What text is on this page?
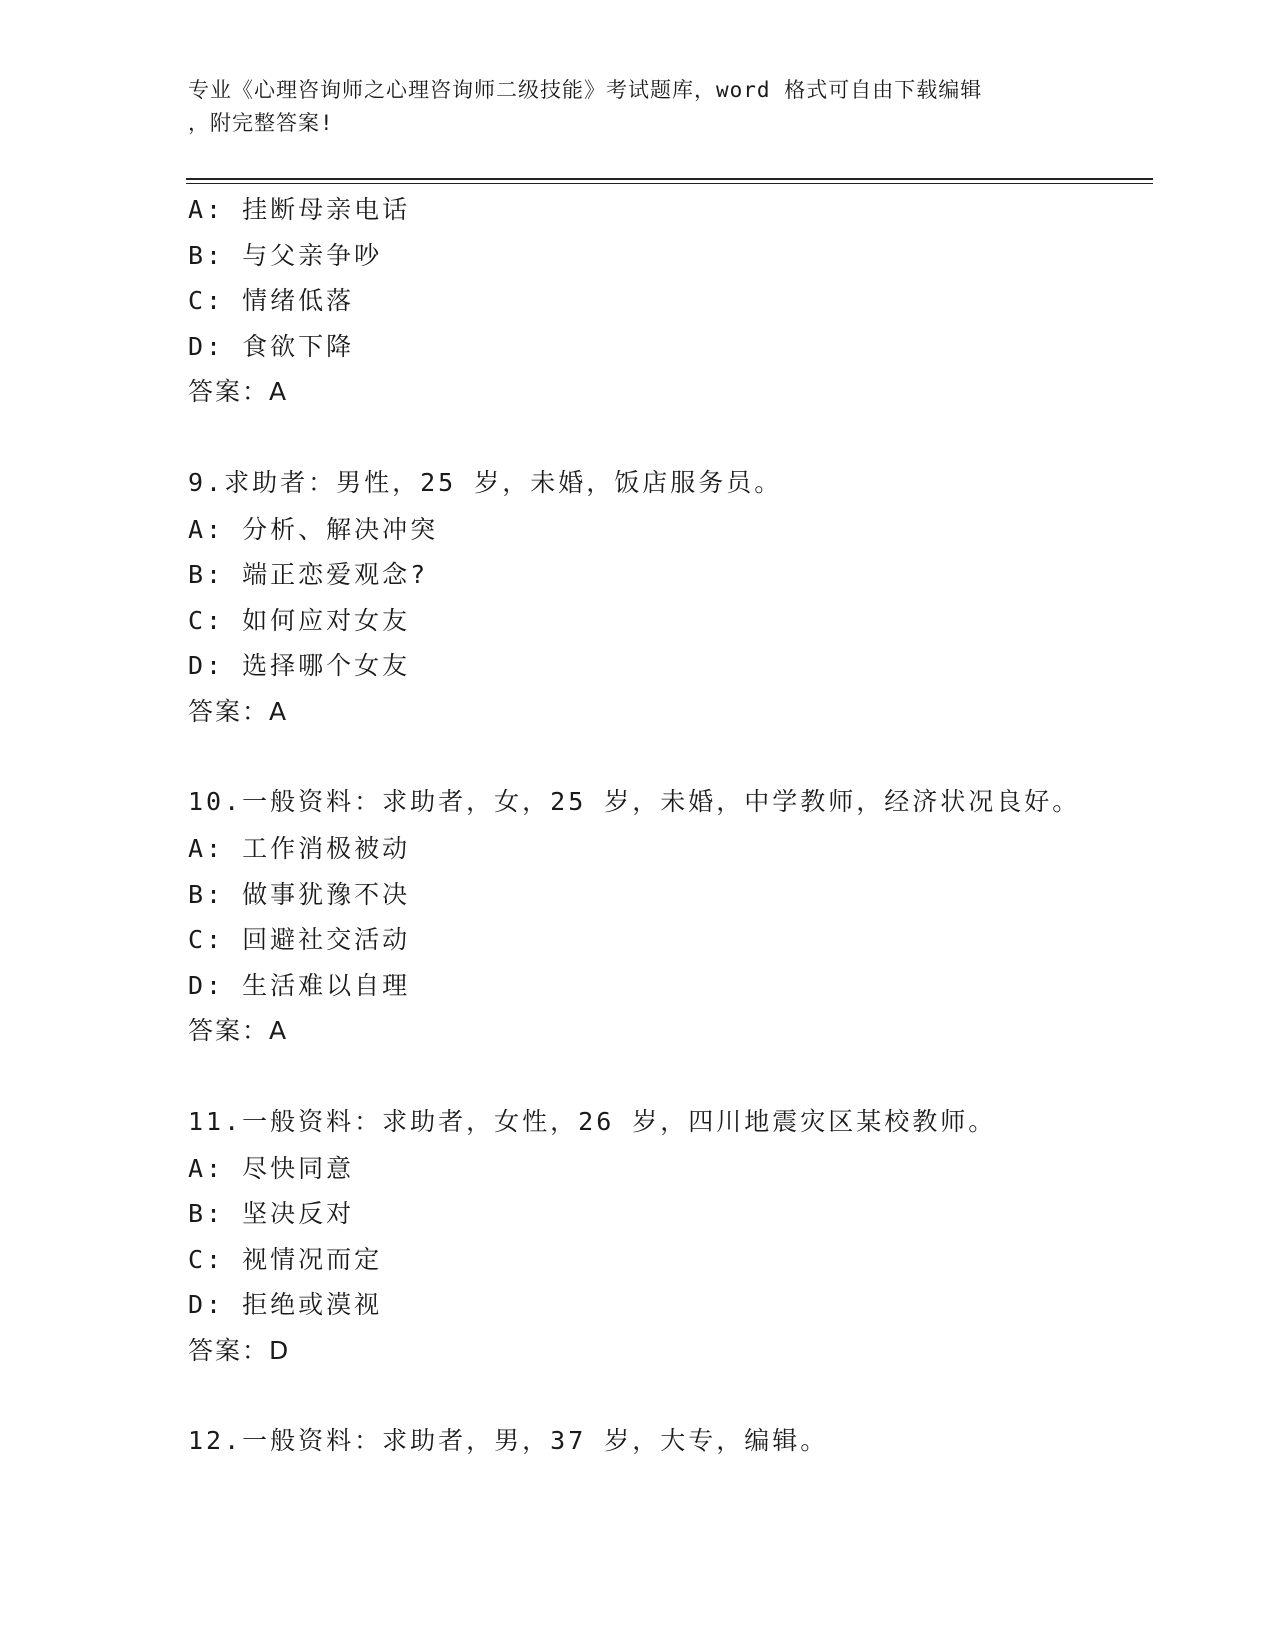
专业《心理咨询师之心理咨询师二级技能》考试题库，word 格式可自由下载编辑
，附完整答案!
A: 挂断母亲电话
B: 与父亲争吵
C: 情绪低落
D: 食欲下降
答案：A
9.求助者：男性，25 岁，未婚，饭店服务员。
A: 分析、解决冲突
B: 端正恋爱观念?
C: 如何应对女友
D: 选择哪个女友
答案：A
10.一般资料：求助者，女，25 岁，未婚，中学教师，经济状况良好。
A: 工作消极被动
B: 做事犹豫不决
C: 回避社交活动
D: 生活难以自理
答案：A
11.一般资料：求助者，女性，26 岁，四川地震灾区某校教师。
A: 尽快同意
B: 坚决反对
C: 视情况而定
D: 拒绝或漠视
答案：D
12.一般资料：求助者，男，37 岁，大专，编辑。
